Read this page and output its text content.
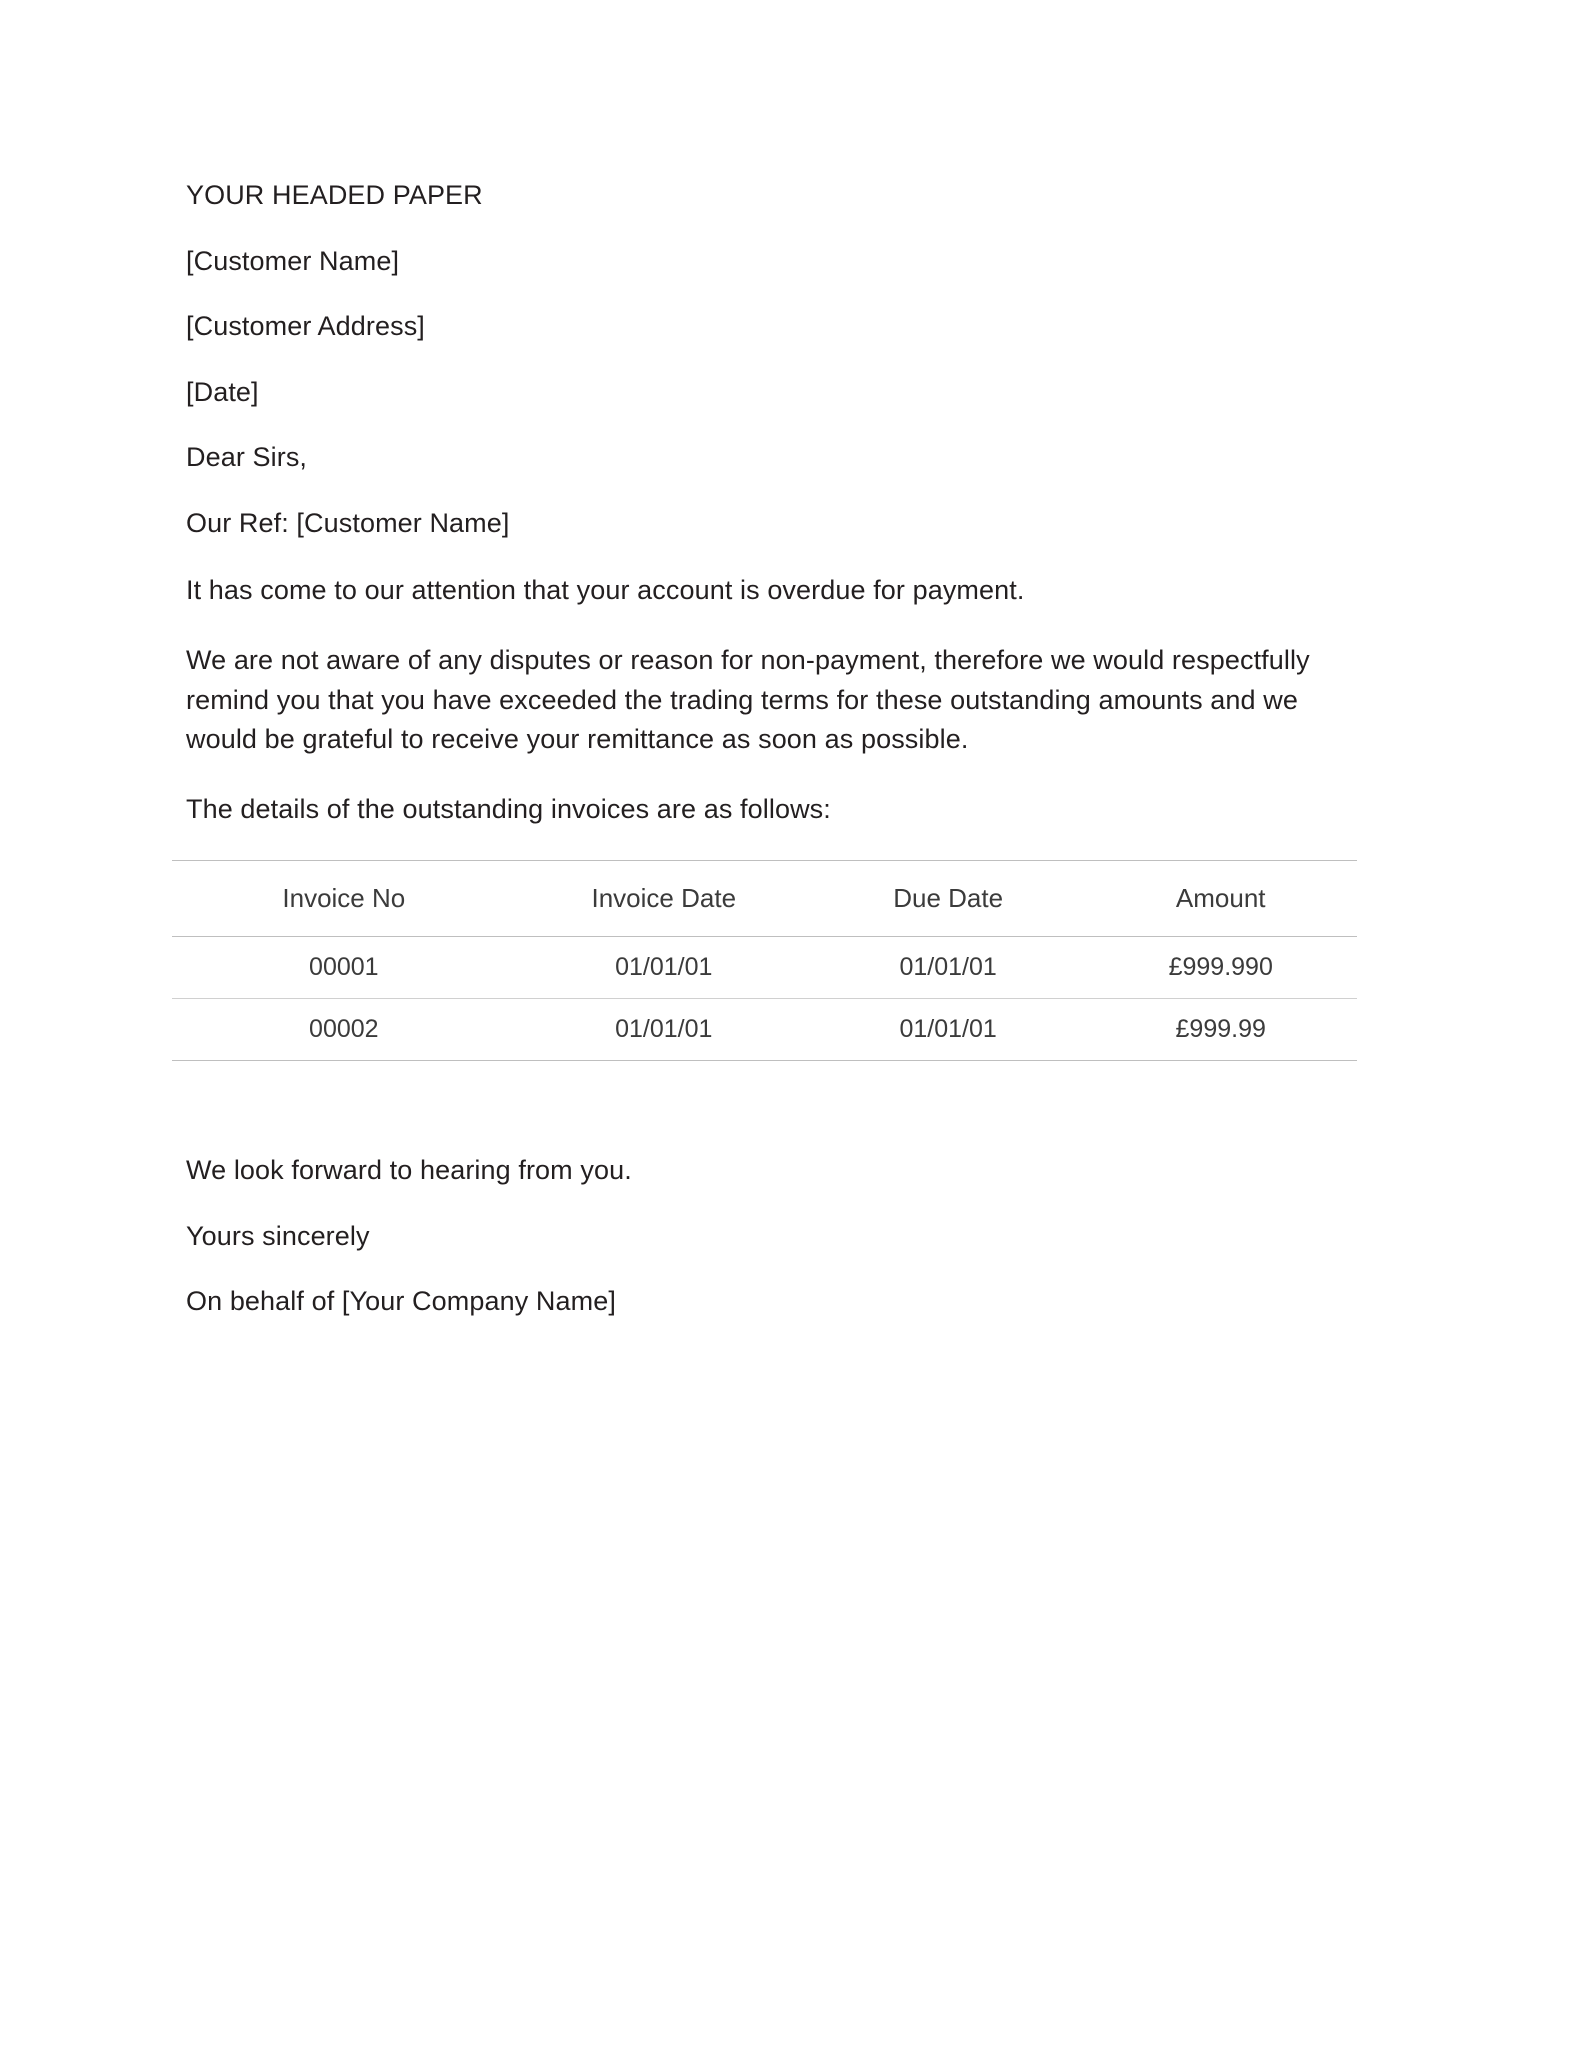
YOUR HEADED PAPER

[Customer Name]

[Customer Address]

[Date]

Dear Sirs,

Our Ref: [Customer Name]

It has come to our attention that your account is overdue for payment.

We are not aware of any disputes or reason for non-payment, therefore we would respectfully remind you that you have exceeded the trading terms for these outstanding amounts and we would be grateful to receive your remittance as soon as possible.

The details of the outstanding invoices are as follows:

Invoice No	Invoice Date	Due Date	Amount
00001	01/01/01	01/01/01	£999.990
00002	01/01/01	01/01/01	£999.99

We look forward to hearing from you.

Yours sincerely

On behalf of [Your Company Name]
